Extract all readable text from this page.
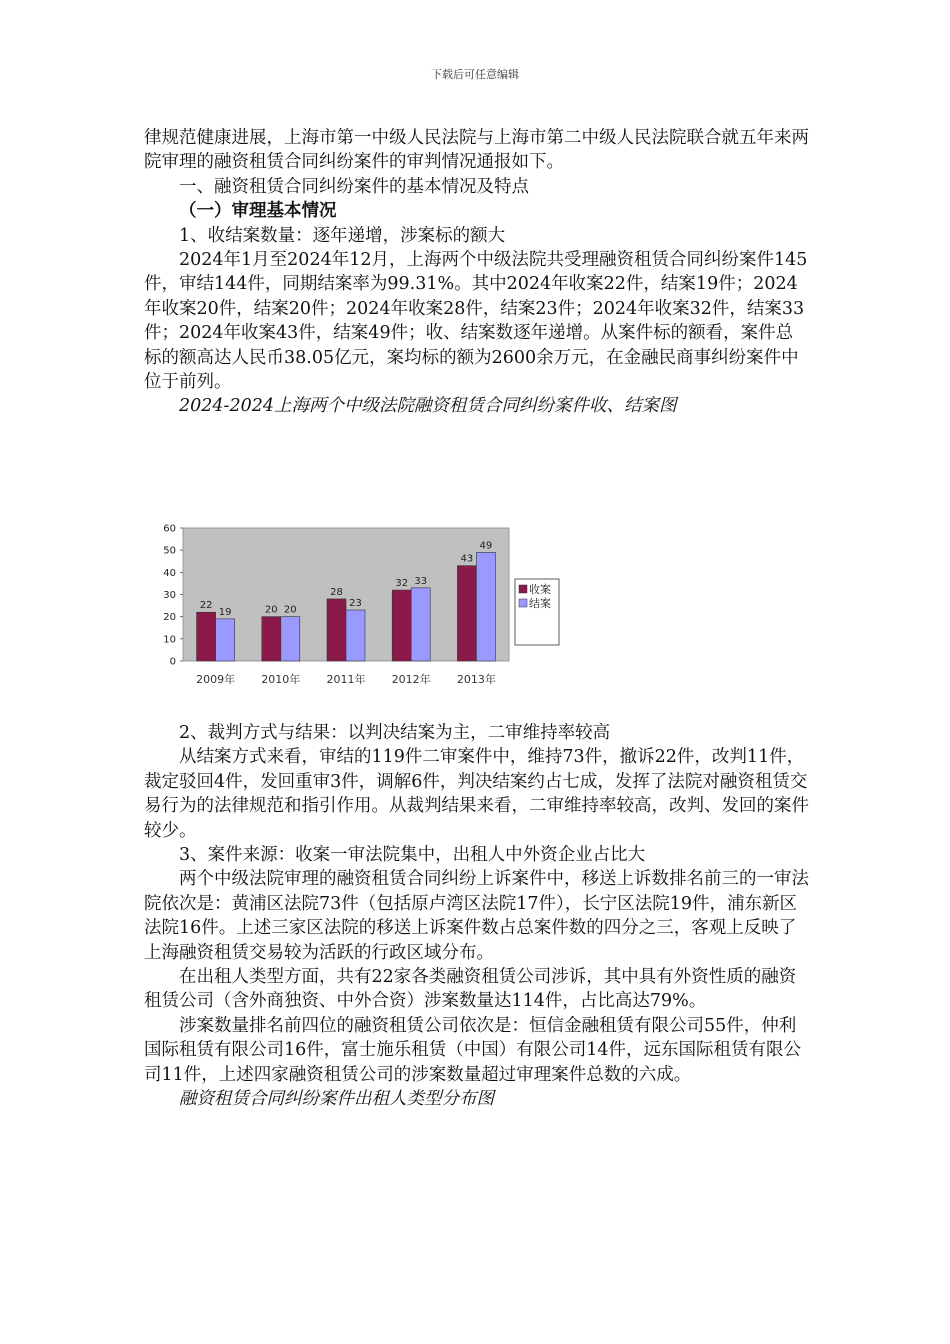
下载后可任意编辑

律规范健康进展，上海市第一中级人民法院与上海市第二中级人民法院联合就五年来两院审理的融资租赁合同纠纷案件的审判情况通报如下。

一、融资租赁合同纠纷案件的基本情况及特点

（一）审理基本情况

1、收结案数量：逐年递增，涉案标的额大

2024年1月至2024年12月，上海两个中级法院共受理融资租赁合同纠纷案件145件，审结144件，同期结案率为99.31%。其中2024年收案22件，结案19件；2024年收案20件，结案20件；2024年收案28件，结案23件；2024年收案32件，结案33件；2024年收案43件，结案49件；收、结案数逐年递增。从案件标的额看，案件总标的额高达人民币38.05亿元，案均标的额为2600余万元，在金融民商事纠纷案件中位于前列。

2024-2024上海两个中级法院融资租赁合同纠纷案件收、结案图

0
10
20
30
40
50
60
22
19	20 20
28
23
32 33
43
49
2009年 2010年 2011年 2012年 2013年
收案
结案

2、裁判方式与结果：以判决结案为主，二审维持率较高

从结案方式来看，审结的119件二审案件中，维持73件，撤诉22件，改判11件，裁定驳回4件，发回重审3件，调解6件，判决结案约占七成，发挥了法院对融资租赁交易行为的法律规范和指引作用。从裁判结果来看，二审维持率较高，改判、发回的案件较少。

3、案件来源：收案一审法院集中，出租人中外资企业占比大

两个中级法院审理的融资租赁合同纠纷上诉案件中，移送上诉数排名前三的一审法院依次是：黄浦区法院73件（包括原卢湾区法院17件），长宁区法院19件，浦东新区法院16件。上述三家区法院的移送上诉案件数占总案件数的四分之三，客观上反映了上海融资租赁交易较为活跃的行政区域分布。

在出租人类型方面，共有22家各类融资租赁公司涉诉，其中具有外资性质的融资租赁公司（含外商独资、中外合资）涉案数量达114件，占比高达79%。

涉案数量排名前四位的融资租赁公司依次是：恒信金融租赁有限公司55件，仲利国际租赁有限公司16件，富士施乐租赁（中国）有限公司14件，远东国际租赁有限公司11件，上述四家融资租赁公司的涉案数量超过审理案件总数的六成。

融资租赁合同纠纷案件出租人类型分布图
